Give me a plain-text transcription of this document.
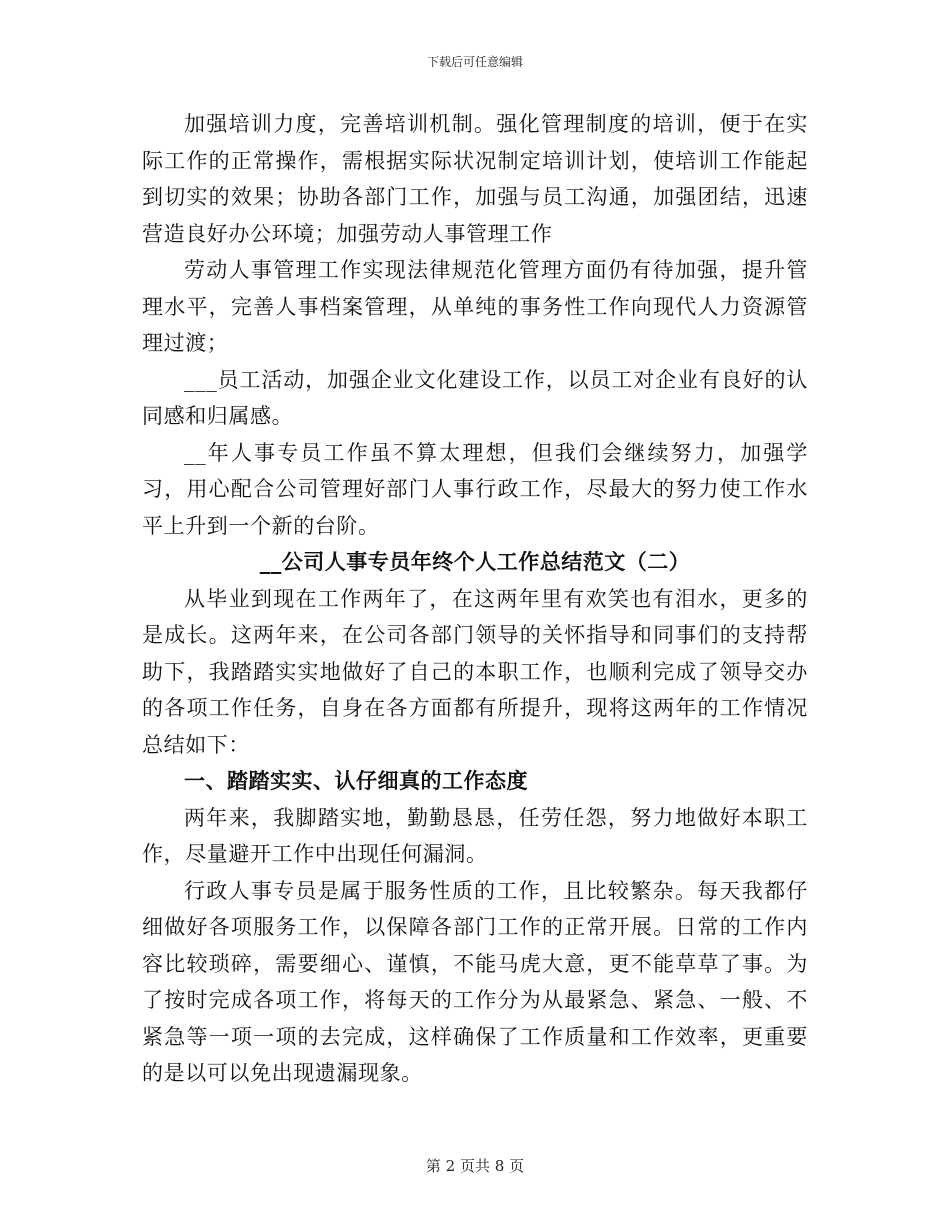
下载后可任意编辑

加强培训力度，完善培训机制。强化管理制度的培训，便于在实际工作的正常操作，需根据实际状况制定培训计划，使培训工作能起到切实的效果；协助各部门工作，加强与员工沟通，加强团结，迅速营造良好办公环境；加强劳动人事管理工作

劳动人事管理工作实现法律规范化管理方面仍有待加强，提升管理水平，完善人事档案管理，从单纯的事务性工作向现代人力资源管理过渡；

___员工活动，加强企业文化建设工作，以员工对企业有良好的认同感和归属感。

__年人事专员工作虽不算太理想，但我们会继续努力，加强学习，用心配合公司管理好部门人事行政工作，尽最大的努力使工作水平上升到一个新的台阶。

__公司人事专员年终个人工作总结范文（二）

从毕业到现在工作两年了，在这两年里有欢笑也有泪水，更多的是成长。这两年来，在公司各部门领导的关怀指导和同事们的支持帮助下，我踏踏实实地做好了自己的本职工作，也顺利完成了领导交办的各项工作任务，自身在各方面都有所提升，现将这两年的工作情况总结如下：

一、踏踏实实、认仔细真的工作态度

两年来，我脚踏实地，勤勤恳恳，任劳任怨，努力地做好本职工作，尽量避开工作中出现任何漏洞。

行政人事专员是属于服务性质的工作，且比较繁杂。每天我都仔细做好各项服务工作，以保障各部门工作的正常开展。日常的工作内容比较琐碎，需要细心、谨慎，不能马虎大意，更不能草草了事。为了按时完成各项工作，将每天的工作分为从最紧急、紧急、一般、不紧急等一项一项的去完成，这样确保了工作质量和工作效率，更重要的是以可以免出现遗漏现象。

第 2 页共 8 页
